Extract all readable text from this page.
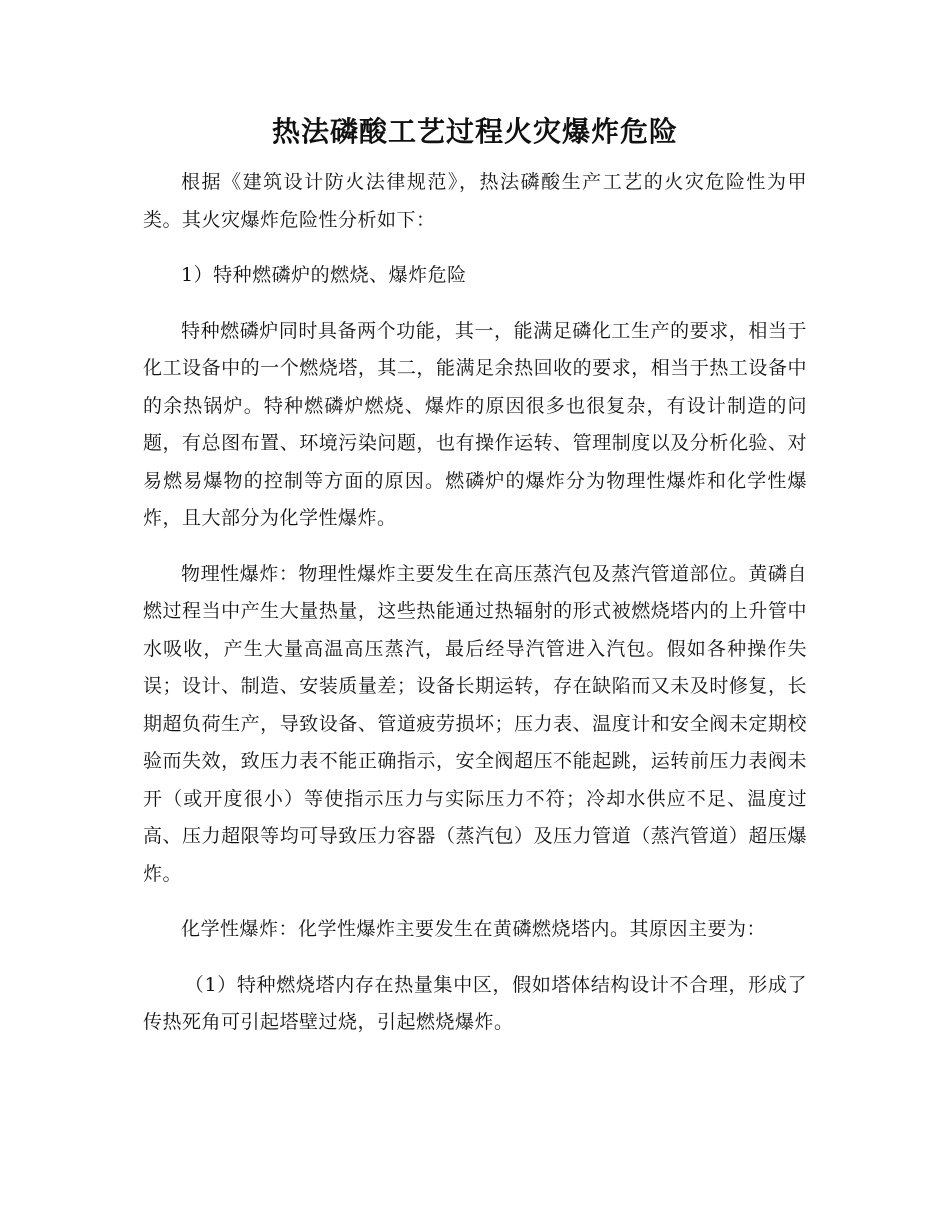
热法磷酸工艺过程火灾爆炸危险

根据《建筑设计防火法律规范》，热法磷酸生产工艺的火灾危险性为甲类。其火灾爆炸危险性分析如下：

1）特种燃磷炉的燃烧、爆炸危险

特种燃磷炉同时具备两个功能，其一，能满足磷化工生产的要求，相当于化工设备中的一个燃烧塔，其二，能满足余热回收的要求，相当于热工设备中的余热锅炉。特种燃磷炉燃烧、爆炸的原因很多也很复杂，有设计制造的问题，有总图布置、环境污染问题，也有操作运转、管理制度以及分析化验、对易燃易爆物的控制等方面的原因。燃磷炉的爆炸分为物理性爆炸和化学性爆炸，且大部分为化学性爆炸。

物理性爆炸：物理性爆炸主要发生在高压蒸汽包及蒸汽管道部位。黄磷自燃过程当中产生大量热量，这些热能通过热辐射的形式被燃烧塔内的上升管中水吸收，产生大量高温高压蒸汽，最后经导汽管进入汽包。假如各种操作失误；设计、制造、安装质量差；设备长期运转，存在缺陷而又未及时修复，长期超负荷生产，导致设备、管道疲劳损坏；压力表、温度计和安全阀未定期校验而失效，致压力表不能正确指示，安全阀超压不能起跳，运转前压力表阀未开（或开度很小）等使指示压力与实际压力不符；冷却水供应不足、温度过高、压力超限等均可导致压力容器（蒸汽包）及压力管道（蒸汽管道）超压爆炸。

化学性爆炸：化学性爆炸主要发生在黄磷燃烧塔内。其原因主要为：

（1）特种燃烧塔内存在热量集中区，假如塔体结构设计不合理，形成了传热死角可引起塔壁过烧，引起燃烧爆炸。
